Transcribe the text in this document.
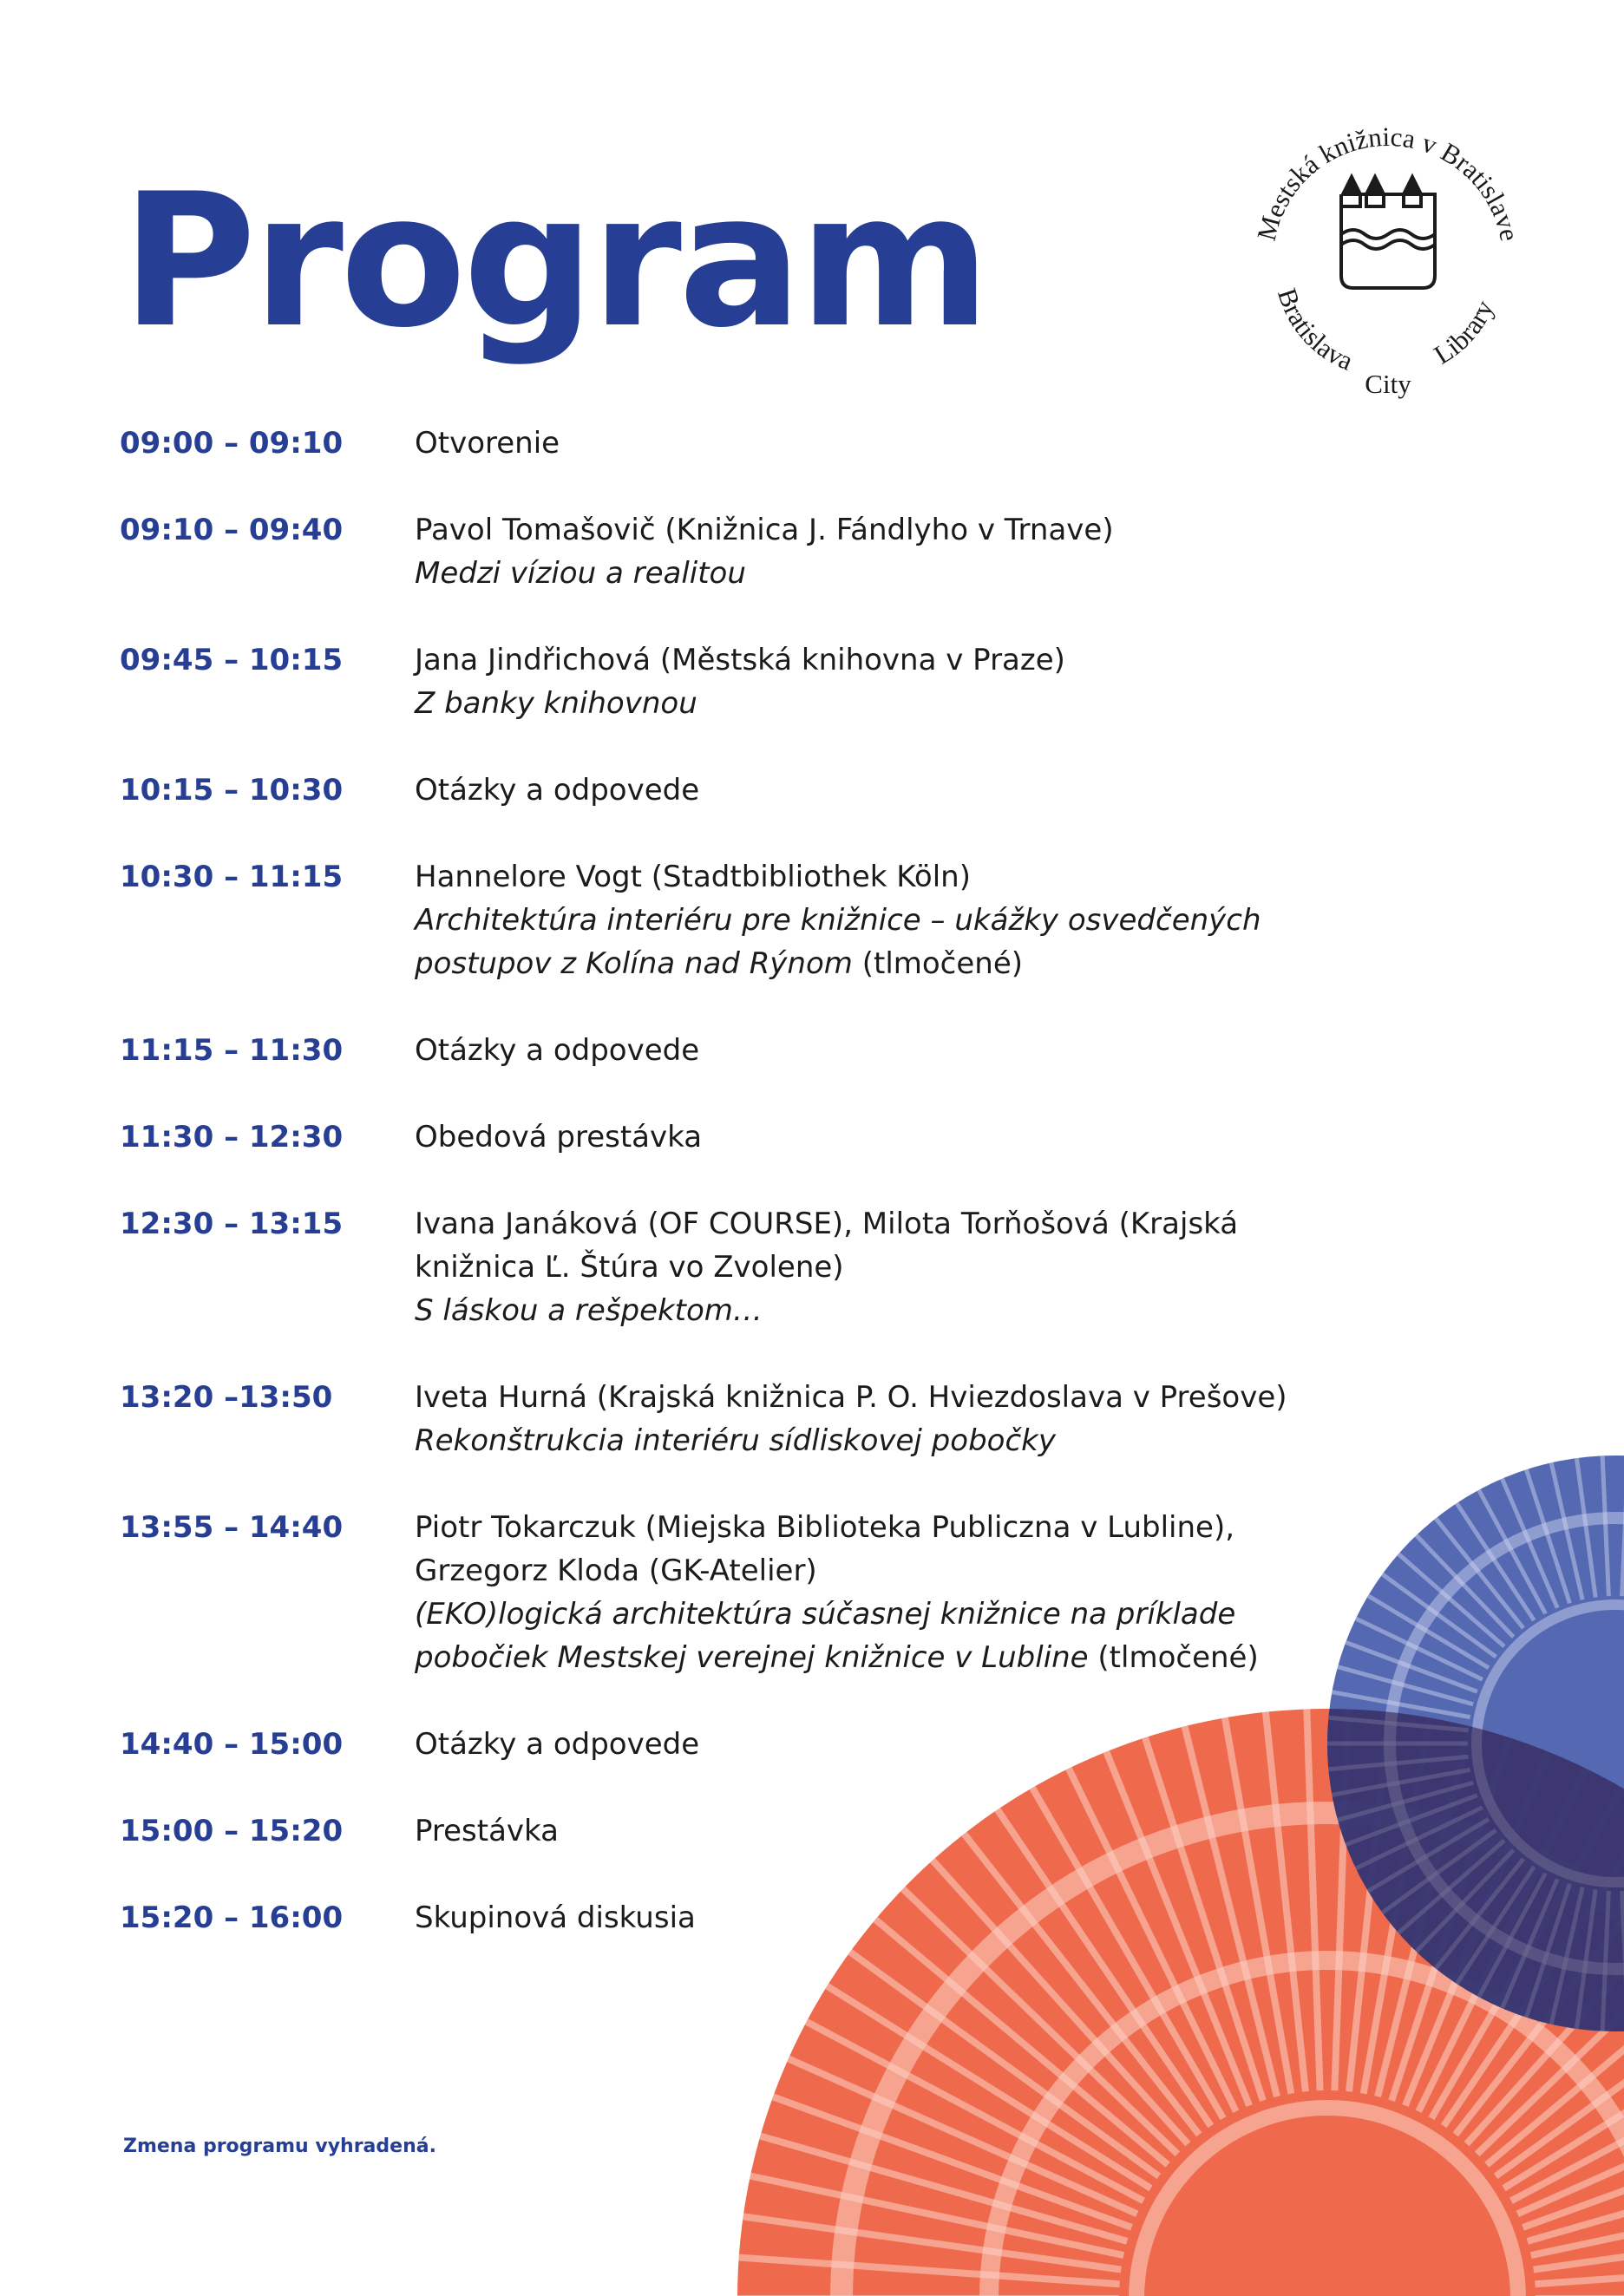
Program	Mestská knižnica v Bratislave
Bratislava
City
Library
09:00 – 09:10	Otvorenie
09:10 – 09:40	Pavol Tomašovič (Knižnica J. Fándlyho v Trnave)
Medzi víziou a realitou
09:45 – 10:15	Jana Jindřichová (Městská knihovna v Praze)
Z banky knihovnou
10:15 – 10:30	Otázky a odpovede
10:30 – 11:15	Hannelore Vogt (Stadtbibliothek Köln)
Architektúra interiéru pre knižnice – ukážky osvedčených
postupov z Kolína nad Rýnom (tlmočené)
11:15 – 11:30	Otázky a odpovede
11:30 – 12:30	Obedová prestávka
12:30 – 13:15	Ivana Janáková (OF COURSE), Milota Torňošová (Krajská
knižnica Ľ. Štúra vo Zvolene)
S láskou a rešpektom…
13:20 –13:50	Iveta Hurná (Krajská knižnica P. O. Hviezdoslava v Prešove)
Rekonštrukcia interiéru sídliskovej pobočky
13:55 – 14:40	Piotr Tokarczuk (Miejska Biblioteka Publiczna v Lubline),
Grzegorz Kloda (GK-Atelier)
(EKO)logická architektúra súčasnej knižnice na príklade
pobočiek Mestskej verejnej knižnice v Lubline (tlmočené)
14:40 – 15:00	Otázky a odpovede
15:00 – 15:20	Prestávka
15:20 – 16:00	Skupinová diskusia
Zmena programu vyhradená.
